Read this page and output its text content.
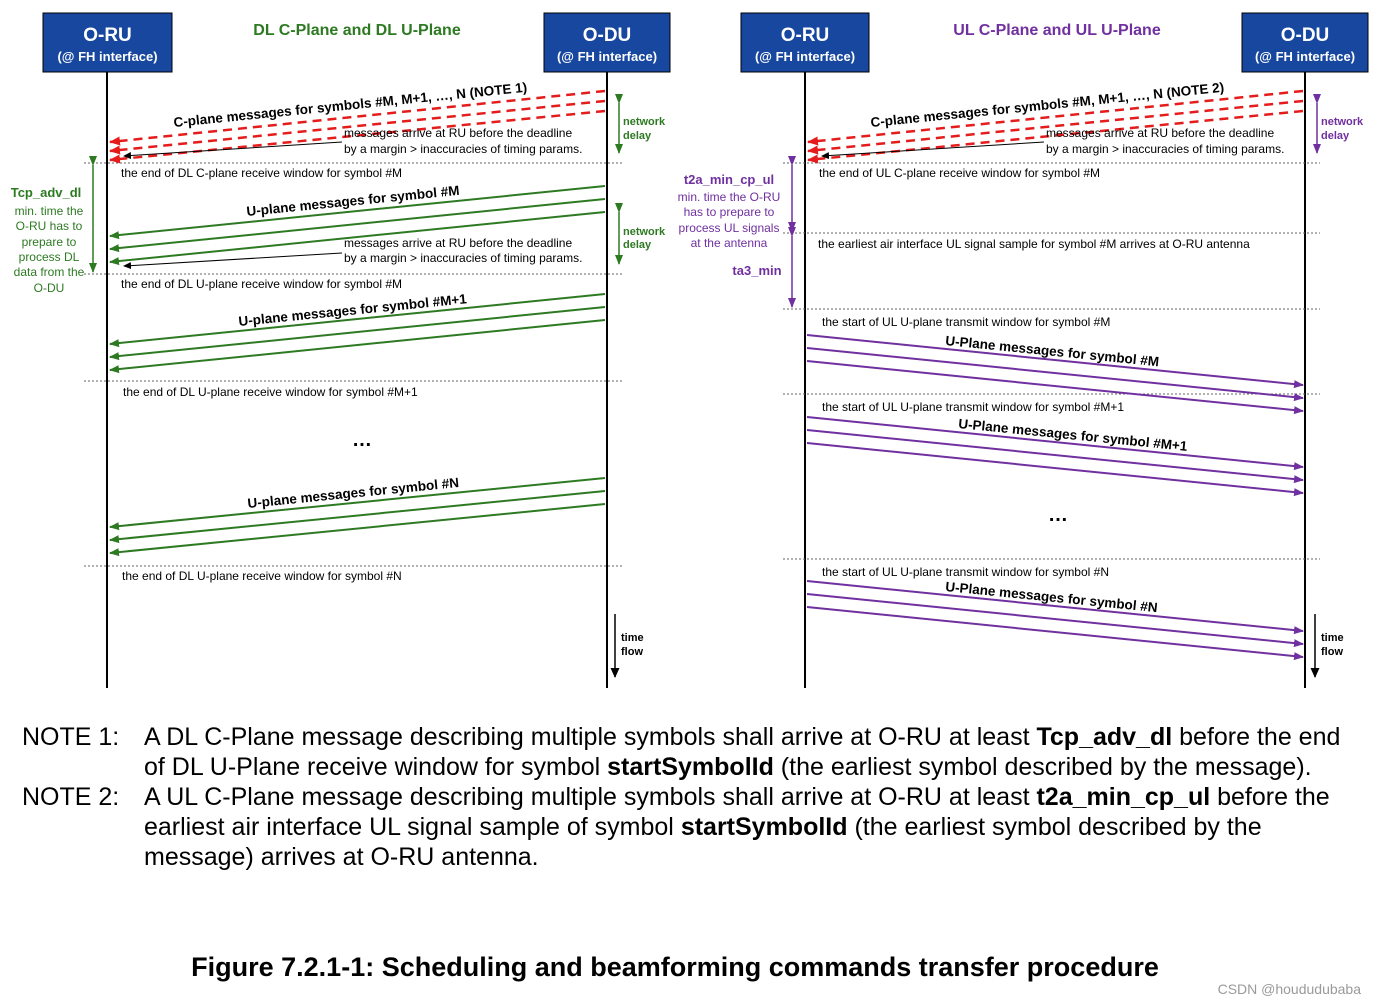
DL C-Plane and DL U-Plane
O-RU
(@ FH interface)
O-DU
(@ FH interface)
C-plane messages for symbols #M, M+1, …, N (NOTE 1)
messages arrive at RU before the deadline
by a margin > inaccuracies of timing params.
network
delay
the end of DL C-plane receive window for symbol #M
Tcp_adv_dl
min. time the
O-RU has to
prepare to
process DL
data from the
O-DU
U-plane messages for symbol #M
messages arrive at RU before the deadline
by a margin > inaccuracies of timing params.
network
delay
the end of DL U-plane receive window for symbol #M
U-plane messages for symbol #M+1
the end of DL U-plane receive window for symbol #M+1
…
U-plane messages for symbol #N
the end of DL U-plane receive window for symbol #N
time
flow
UL C-Plane and UL U-Plane
O-RU
(@ FH interface)
O-DU
(@ FH interface)
C-plane messages for symbols #M, M+1, …, N (NOTE 2)
messages arrive at RU before the deadline
by a margin > inaccuracies of timing params.
network
delay
the end of UL C-plane receive window for symbol #M
t2a_min_cp_ul
min. time the O-RU
has to prepare to
process UL signals
at the antenna	the earliest air interface UL signal sample for symbol #M arrives at O-RU antenna
ta3_min
the start of UL U-plane transmit window for symbol #M
U-Plane messages for symbol #M
the start of UL U-plane transmit window for symbol #M+1
U-Plane messages for symbol #M+1
…
the start of UL U-plane transmit window for symbol #N
U-Plane messages for symbol #N
time
flow

NOTE 1: A DL C-Plane message describing multiple symbols shall arrive at O-RU at least Tcp_adv_dl before the end of DL U-Plane receive window for symbol startSymbolId (the earliest symbol described by the message).

NOTE 2: A UL C-Plane message describing multiple symbols shall arrive at O-RU at least t2a_min_cp_ul before the earliest air interface UL signal sample of symbol startSymbolId (the earliest symbol described by the message) arrives at O-RU antenna.

Figure 7.2.1-1: Scheduling and beamforming commands transfer procedure
CSDN @hoududubaba
